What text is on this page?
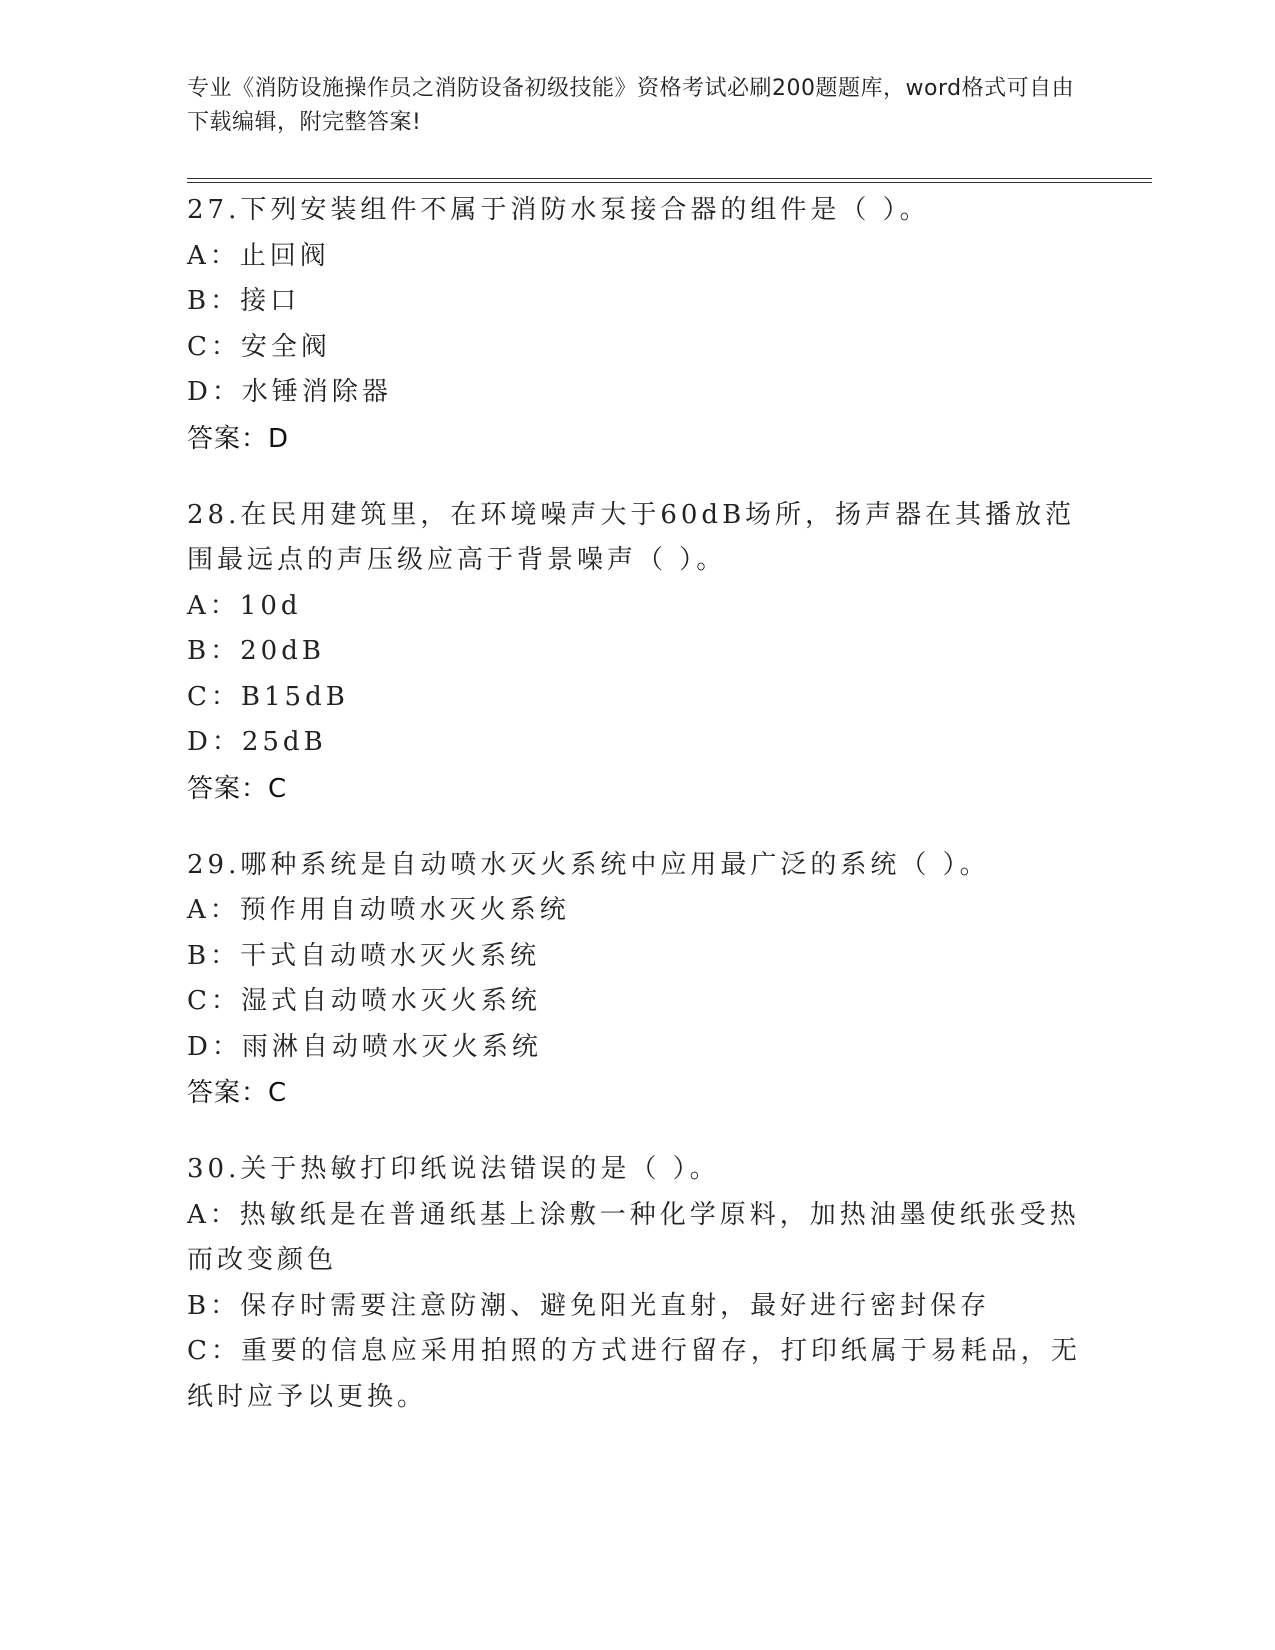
专业《消防设施操作员之消防设备初级技能》资格考试必刷200题题库，word格式可自由下载编辑，附完整答案!
27.下列安装组件不属于消防水泵接合器的组件是（ ）。
A：止回阀
B：接口
C：安全阀
D：水锤消除器
答案：D
28.在民用建筑里，在环境噪声大于60dB场所，扬声器在其播放范围最远点的声压级应高于背景噪声（ ）。
A：10d
B：20dB
C：B15dB
D：25dB
答案：C
29.哪种系统是自动喷水灭火系统中应用最广泛的系统（ ）。
A：预作用自动喷水灭火系统
B：干式自动喷水灭火系统
C：湿式自动喷水灭火系统
D：雨淋自动喷水灭火系统
答案：C
30.关于热敏打印纸说法错误的是（ ）。
A：热敏纸是在普通纸基上涂敷一种化学原料，加热油墨使纸张受热而改变颜色
B：保存时需要注意防潮、避免阳光直射，最好进行密封保存
C：重要的信息应采用拍照的方式进行留存，打印纸属于易耗品，无纸时应予以更换。
